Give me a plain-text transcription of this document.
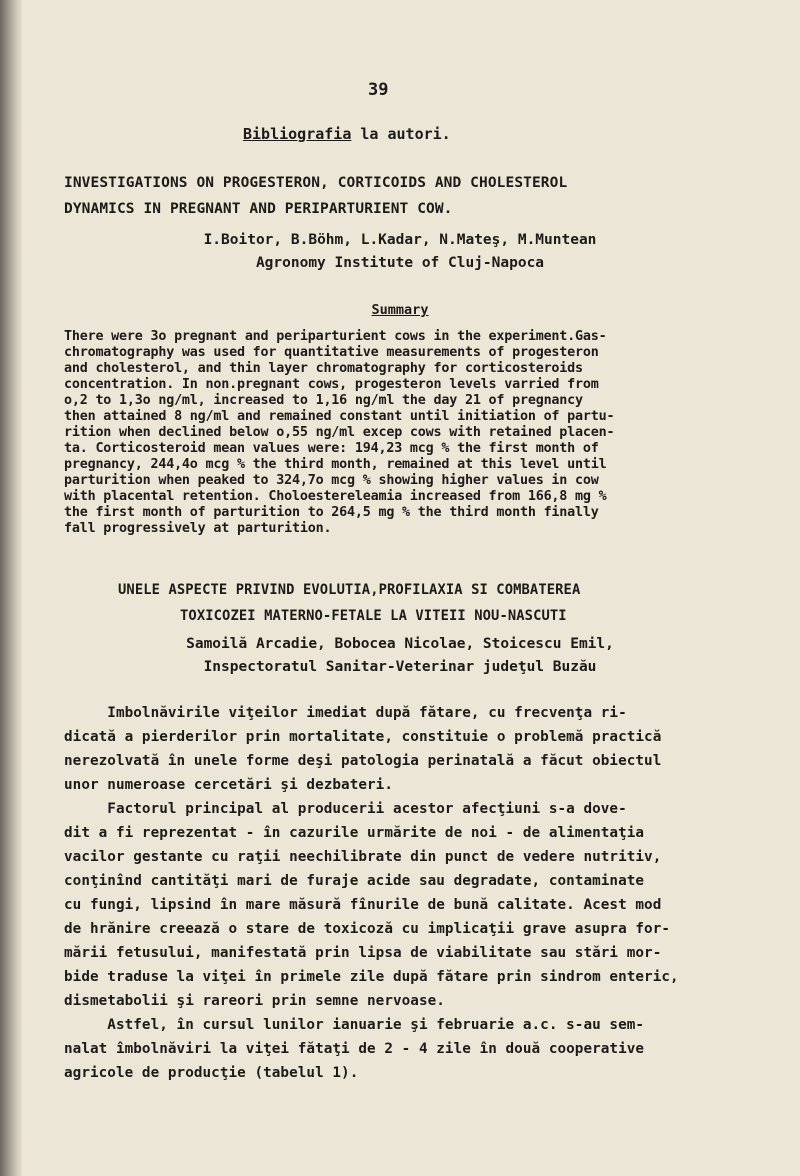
39
Bibliografia la autori.
INVESTIGATIONS ON PROGESTERON, CORTICOIDS AND CHOLESTEROL
DYNAMICS IN PREGNANT AND PERIPARTURIENT COW.
I.Boitor, B.Böhm, L.Kadar, N.Mateş, M.Muntean
Agronomy Institute of Cluj-Napoca
Summary
There were 3o pregnant and periparturient cows in the experiment.Gas-
chromatography was used for quantitative measurements of progesteron
and cholesterol, and thin layer chromatography for corticosteroids
concentration. In non.pregnant cows, progesteron levels varried from
o,2 to 1,3o ng/ml, increased to 1,16 ng/ml the day 21 of pregnancy
then attained 8 ng/ml and remained constant until initiation of partu-
rition when declined below o,55 ng/ml excep cows with retained placen-
ta. Corticosteroid mean values were: 194,23 mcg % the first month of
pregnancy, 244,4o mcg % the third month, remained at this level until
parturition when peaked to 324,7o mcg % showing higher values in cow
with placental retention. Choloestereleamia increased from 166,8 mg %
the first month of parturition to 264,5 mg % the third month finally
fall progressively at parturition.
UNELE ASPECTE PRIVIND EVOLUTIA,PROFILAXIA SI COMBATEREA
TOXICOZEI MATERNO-FETALE LA VITEII NOU-NASCUTI
Samoilă Arcadie, Bobocea Nicolae, Stoicescu Emil,
Inspectoratul Sanitar-Veterinar judeţul Buzău
Imbolnăvirile viţeilor imediat după fătare, cu frecvenţa ri-
dicată a pierderilor prin mortalitate, constituie o problemă practică
nerezolvată în unele forme deşi patologia perinatală a făcut obiectul
unor numeroase cercetări şi dezbateri.
Factorul principal al producerii acestor afecţiuni s-a dove-
dit a fi reprezentat - în cazurile urmărite de noi - de alimentaţia
vacilor gestante cu raţii neechilibrate din punct de vedere nutritiv,
conţinînd cantităţi mari de furaje acide sau degradate, contaminate
cu fungi, lipsind în mare măsură fînurile de bună calitate. Acest mod
de hrănire creează o stare de toxicoză cu implicaţii grave asupra for-
mării fetusului, manifestată prin lipsa de viabilitate sau stări mor-
bide traduse la viţei în primele zile după fătare prin sindrom enteric,
dismetabolii şi rareori prin semne nervoase.
Astfel, în cursul lunilor ianuarie şi februarie a.c. s-au sem-
nalat îmbolnăviri la viţei fătaţi de 2 - 4 zile în două cooperative
agricole de producţie (tabelul 1).
